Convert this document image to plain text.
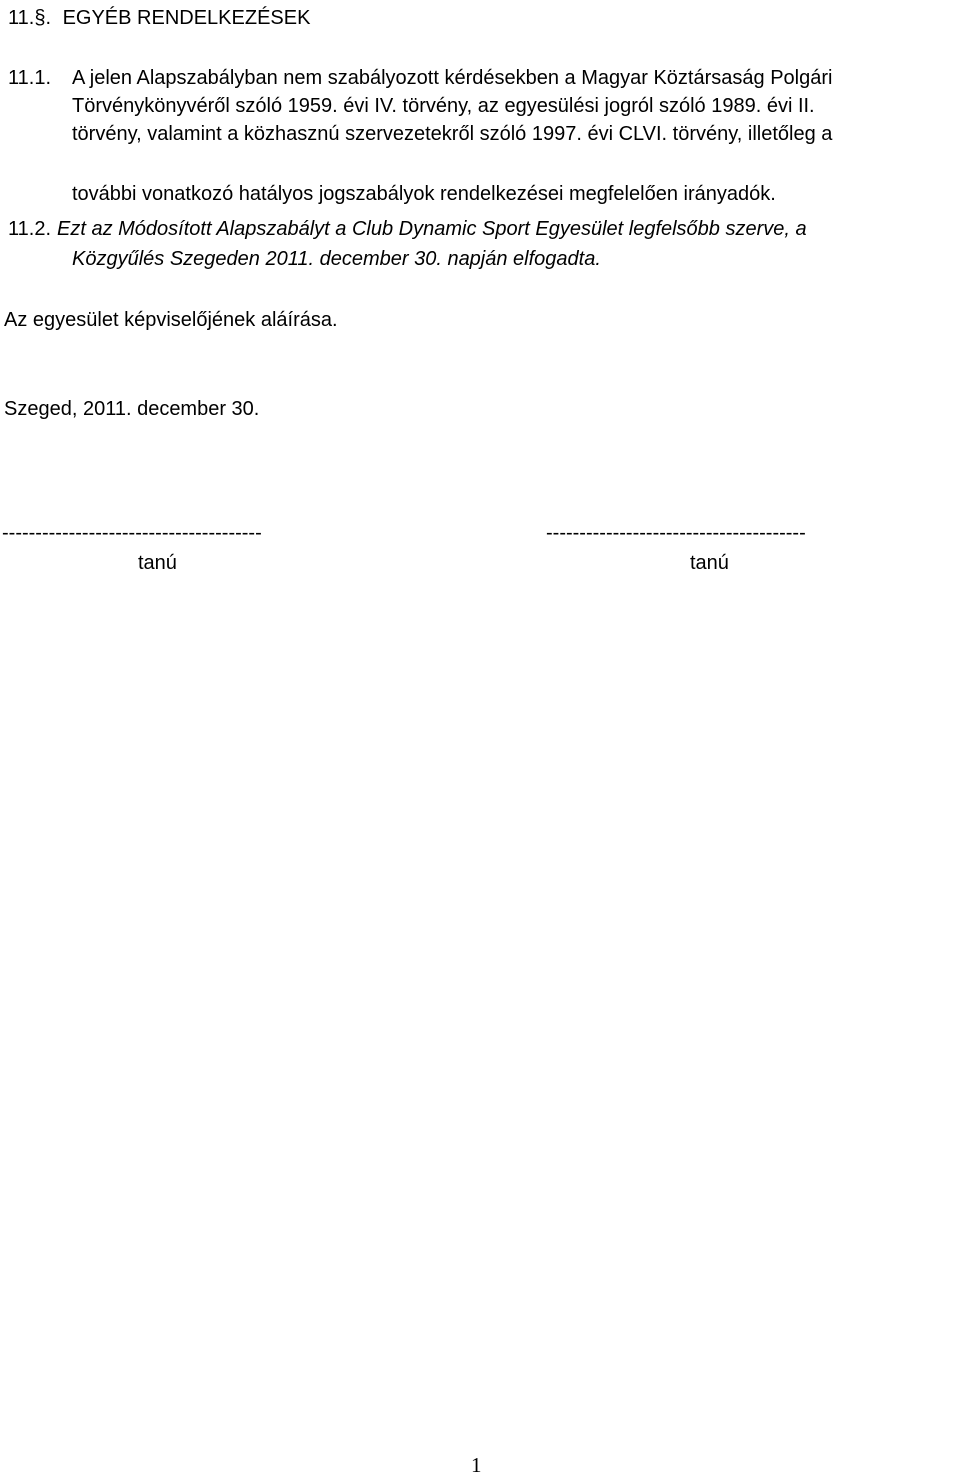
11.§. EGYÉB RENDELKEZÉSEK
11.1. A jelen Alapszabályban nem szabályozott kérdésekben a Magyar Köztársaság Polgári
Törvénykönyvéről szóló 1959. évi IV. törvény, az egyesülési jogról szóló 1989. évi II.
törvény, valamint a közhasznú szervezetekről szóló 1997. évi CLVI. törvény, illetőleg a
további vonatkozó hatályos jogszabályok rendelkezései megfelelően irányadók.
11.2. Ezt az Módosított Alapszabályt a Club Dynamic Sport Egyesület legfelsőbb szerve, a
Közgyűlés Szegeden 2011. december 30. napján elfogadta.
Az egyesület képviselőjének aláírása.
Szeged, 2011. december 30.
---------------------------------------	---------------------------------------
tanú	tanú
1
